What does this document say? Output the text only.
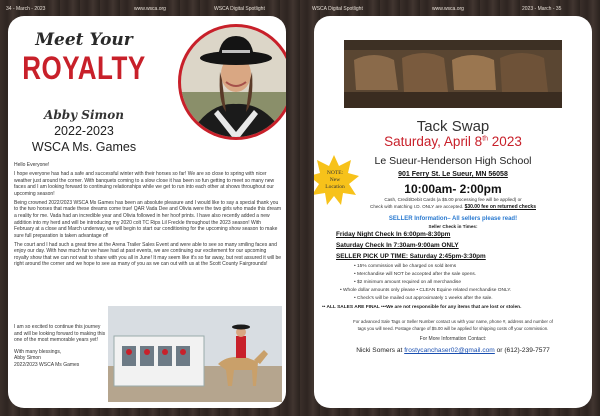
34 - March - 2023	www.wsca.org	WSCA Digital Spotlight	WSCA Digital Spotlight	www.wsca.org	2023 - March - 35
Meet Your
ROYALTY
Abby Simon
2022-2023
WSCA Ms. Games

Hello Everyone!

I hope everyone has had a safe and successful winter with their horses so far! We are so close to spring with nicer weather just around the corner. With banquets coming to a slow close it has been so fun getting to meet so many new faces and I am looking forward to continuing relationships while we get to run into each other at shows throughout our upcoming season!

Being crowned 2022/2023 WSCA Ms Games has been an absolute pleasure and I would like to say a special thank you to the two horses that made these dreams come true! QAR Vada Dee and Olivia were the two girls who made this dream a reality for me. Vada had an incredible year and Olivia followed in her hoof prints. I have also recently added a new addition into my herd and will be introducing my 2020 colt TC Rips Lil Freckle throughout the 2023 season! With February at a close and March underway, we will begin to start our conditioning for the upcoming show season to make sure full preparation is taken advantage of!

The court and I had such a great time at the Arena Trailer Sales Event and were able to see so many smiling faces and enjoy our day. With how much fun we have had at past events, we are continuing our excitement for our upcoming royalty show that we can not wait to share with you all in June! It may seem like it's so far away, but rest assured it will be right around the corner and we hope to see as many of you as we can out with us at the Scott County Fairgrounds!

I am so excited to continue this journey and will be looking forward to making this one of the most memorable years yet!

With many blessings,
Abby Simon
2022/2023 WSCA Ms Games
Tack Swap
Saturday, April 8th 2023
Le Sueur-Henderson High School
901 Ferry St. Le Sueur, MN 56058
10:00am- 2:00pm
Cash, Credit/Debit Cards (a $5.00 processing fee will be applied) or
Check with matching I.D. ONLY are accepted. $30.00 fee on returned checks
NOTE:
New
Location
SELLER Information– All sellers please read!
Seller Check in Times:
Friday Night Check In 6:00pm-8:30pm
Saturday Check In 7:30am-9:00am ONLY
SELLER PICK UP TIME: Saturday 2:45pm-3:30pm
• 15% commission will be charged on sold items
• Merchandise will NOT be accepted after the sale opens.
• $2 minimum amount required on all merchandise
• Whole dollar amounts only please • CLEAN Equine related merchandise ONLY.
• Check's will be mailed out approximately 1 weeks after the sale.
•• ALL SALES ARE FINAL •••We are not responsible for any items that are lost or stolen.
For advanced Sale Tags or Seller Number contact us with your name, phone #, address and number of
tags you will need. Postage charge of $5.00 will be applied for shipping costs off your commission.
For More Information Contact:
Nicki Somers at frostycanchaser02@gmail.com or (612)-239-7577
